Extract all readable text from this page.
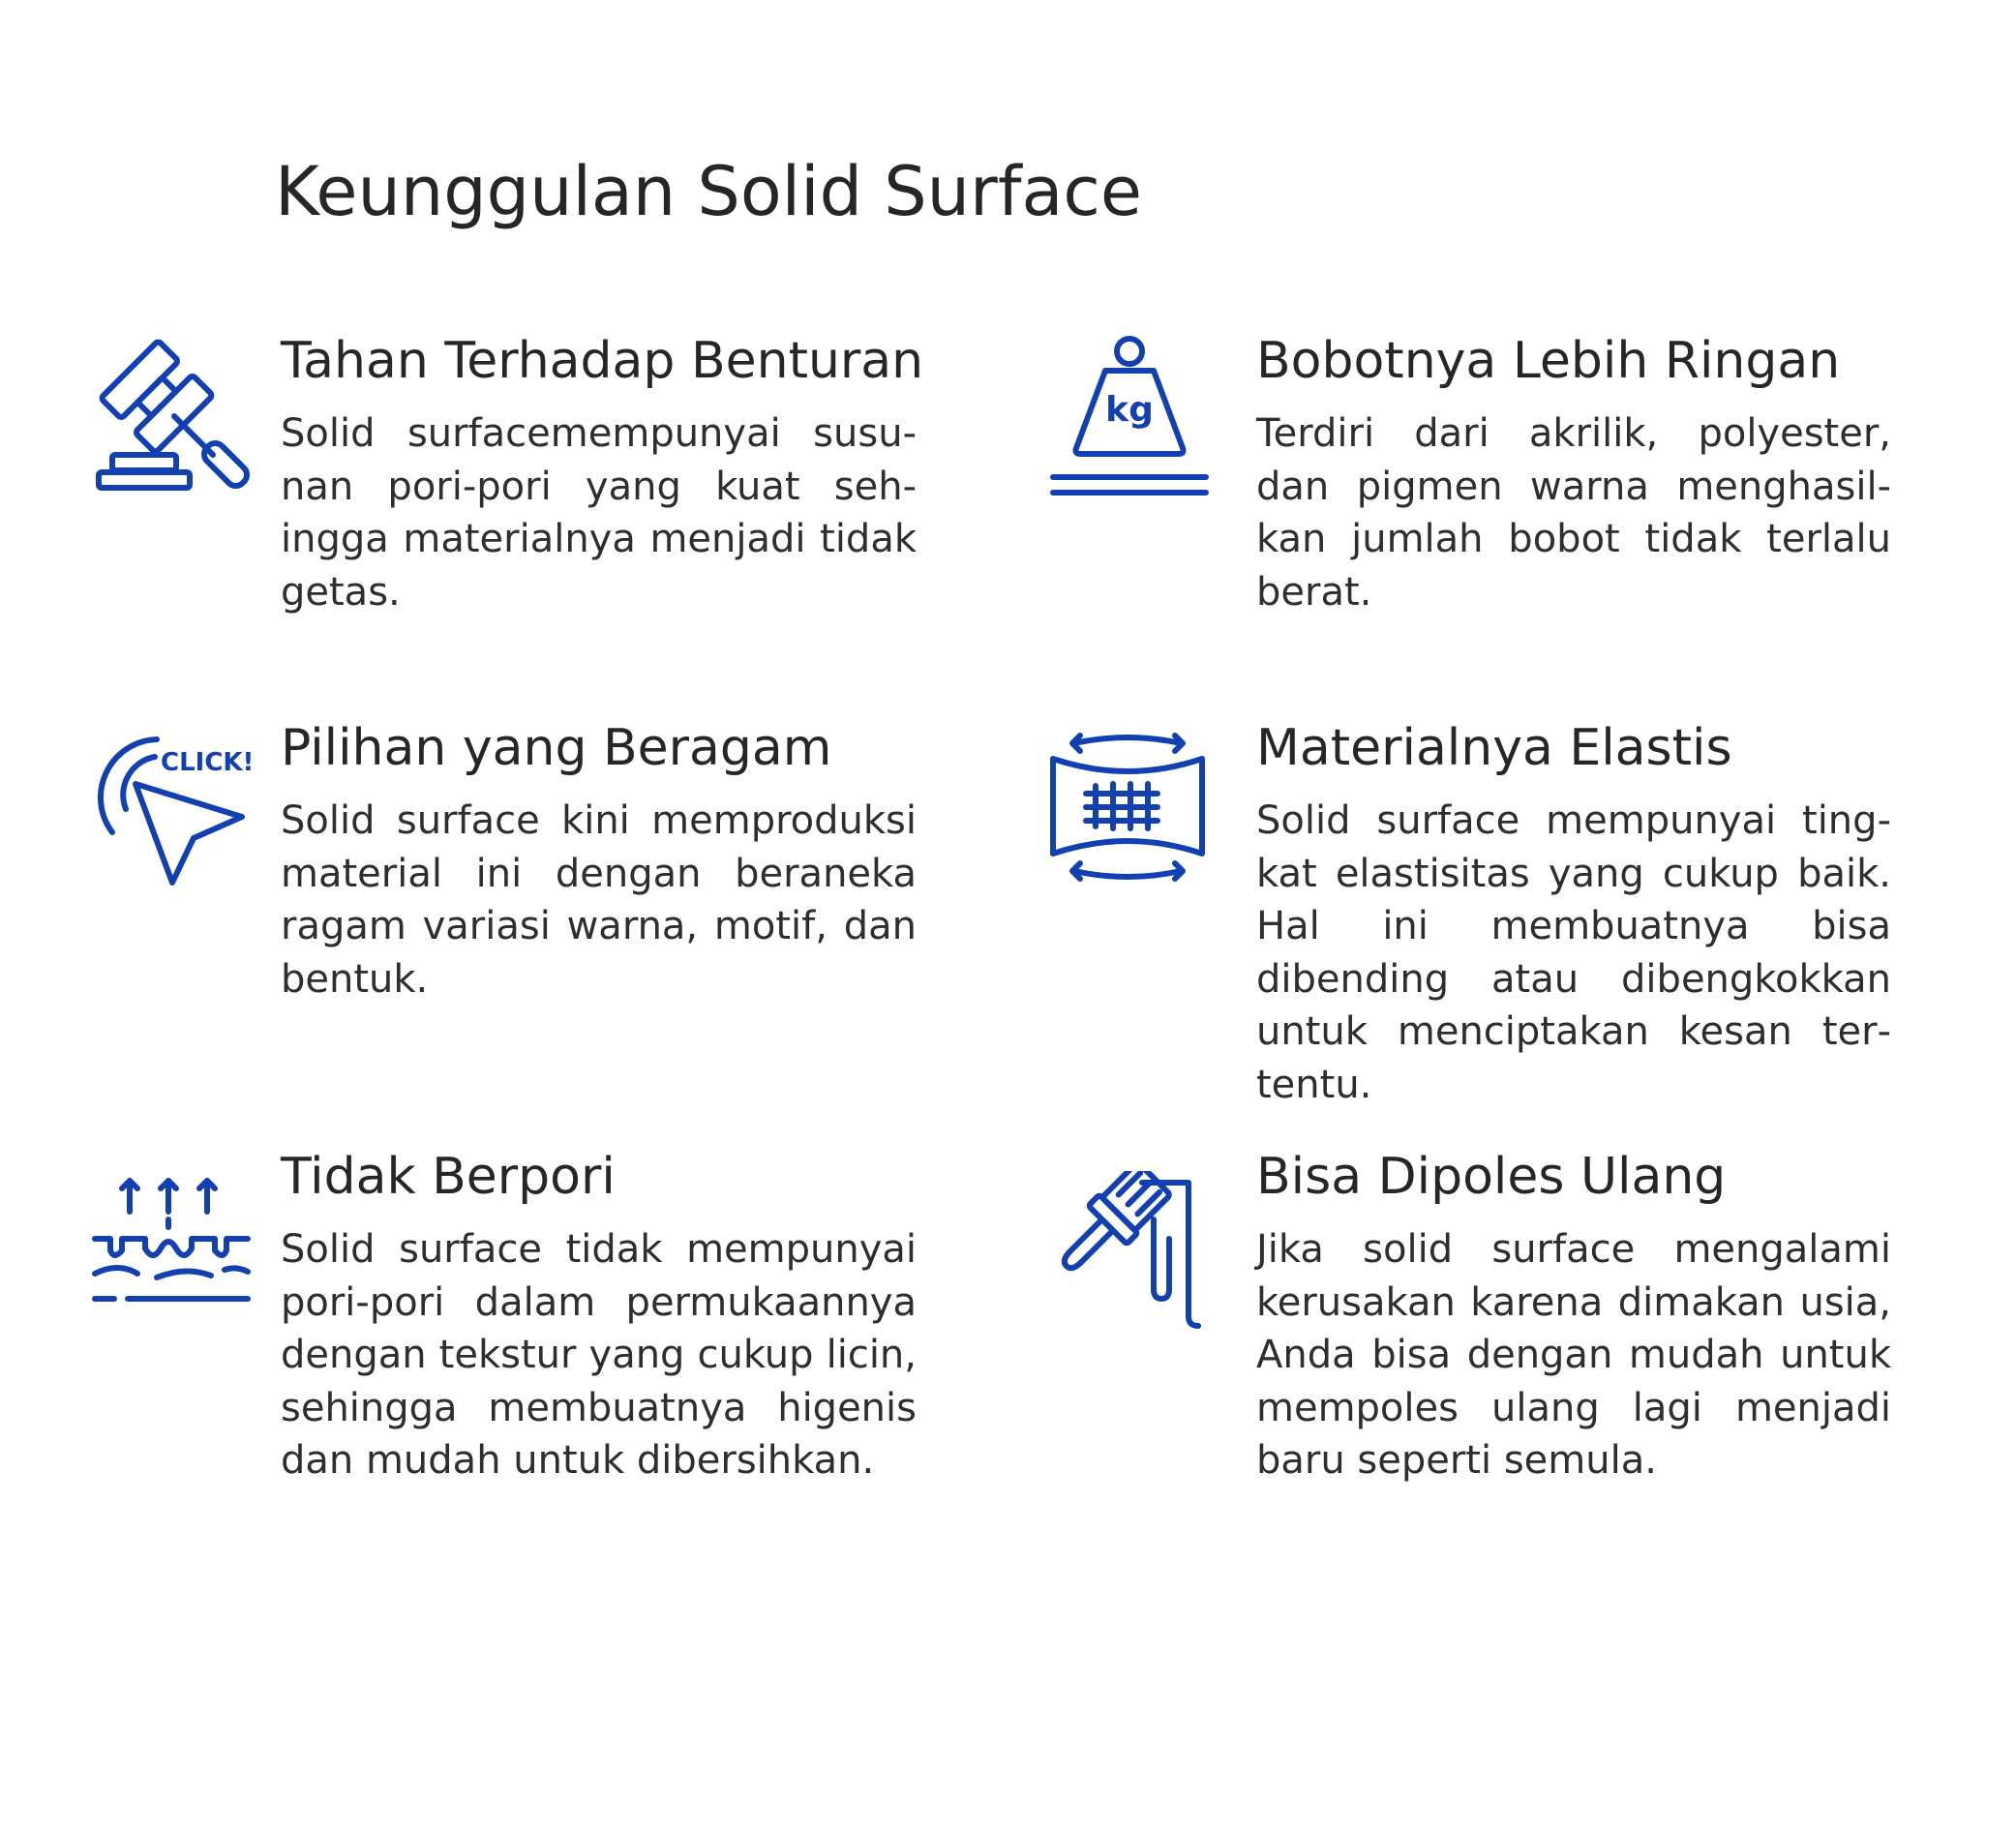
Keunggulan Solid Surface
Tahan Terhadap Benturan

Solid surfacemempunyai susunan pori-pori yang kuat sehingga materialnya menjadi tidak getas.

kg
Bobotnya Lebih Ringan

Terdiri dari akrilik, polyester, dan pigmen warna menghasilkan jumlah bobot tidak terlalu berat.

CLICK! Pilihan yang Beragam

Solid surface kini memproduksi material ini dengan beraneka ragam variasi warna, motif, dan bentuk.

Materialnya Elastis

Solid surface mempunyai tingkat elastisitas yang cukup baik. Hal ini membuatnya bisa dibending atau dibengkokkan untuk menciptakan kesan tertentu.

Tidak Berpori

Solid surface tidak mempunyai pori-pori dalam permukaannya dengan tekstur yang cukup licin, sehingga membuatnya higenis dan mudah untuk dibersihkan.

Bisa Dipoles Ulang

Jika solid surface mengalami kerusakan karena dimakan usia, Anda bisa dengan mudah untuk mempoles ulang lagi menjadi baru seperti semula.
